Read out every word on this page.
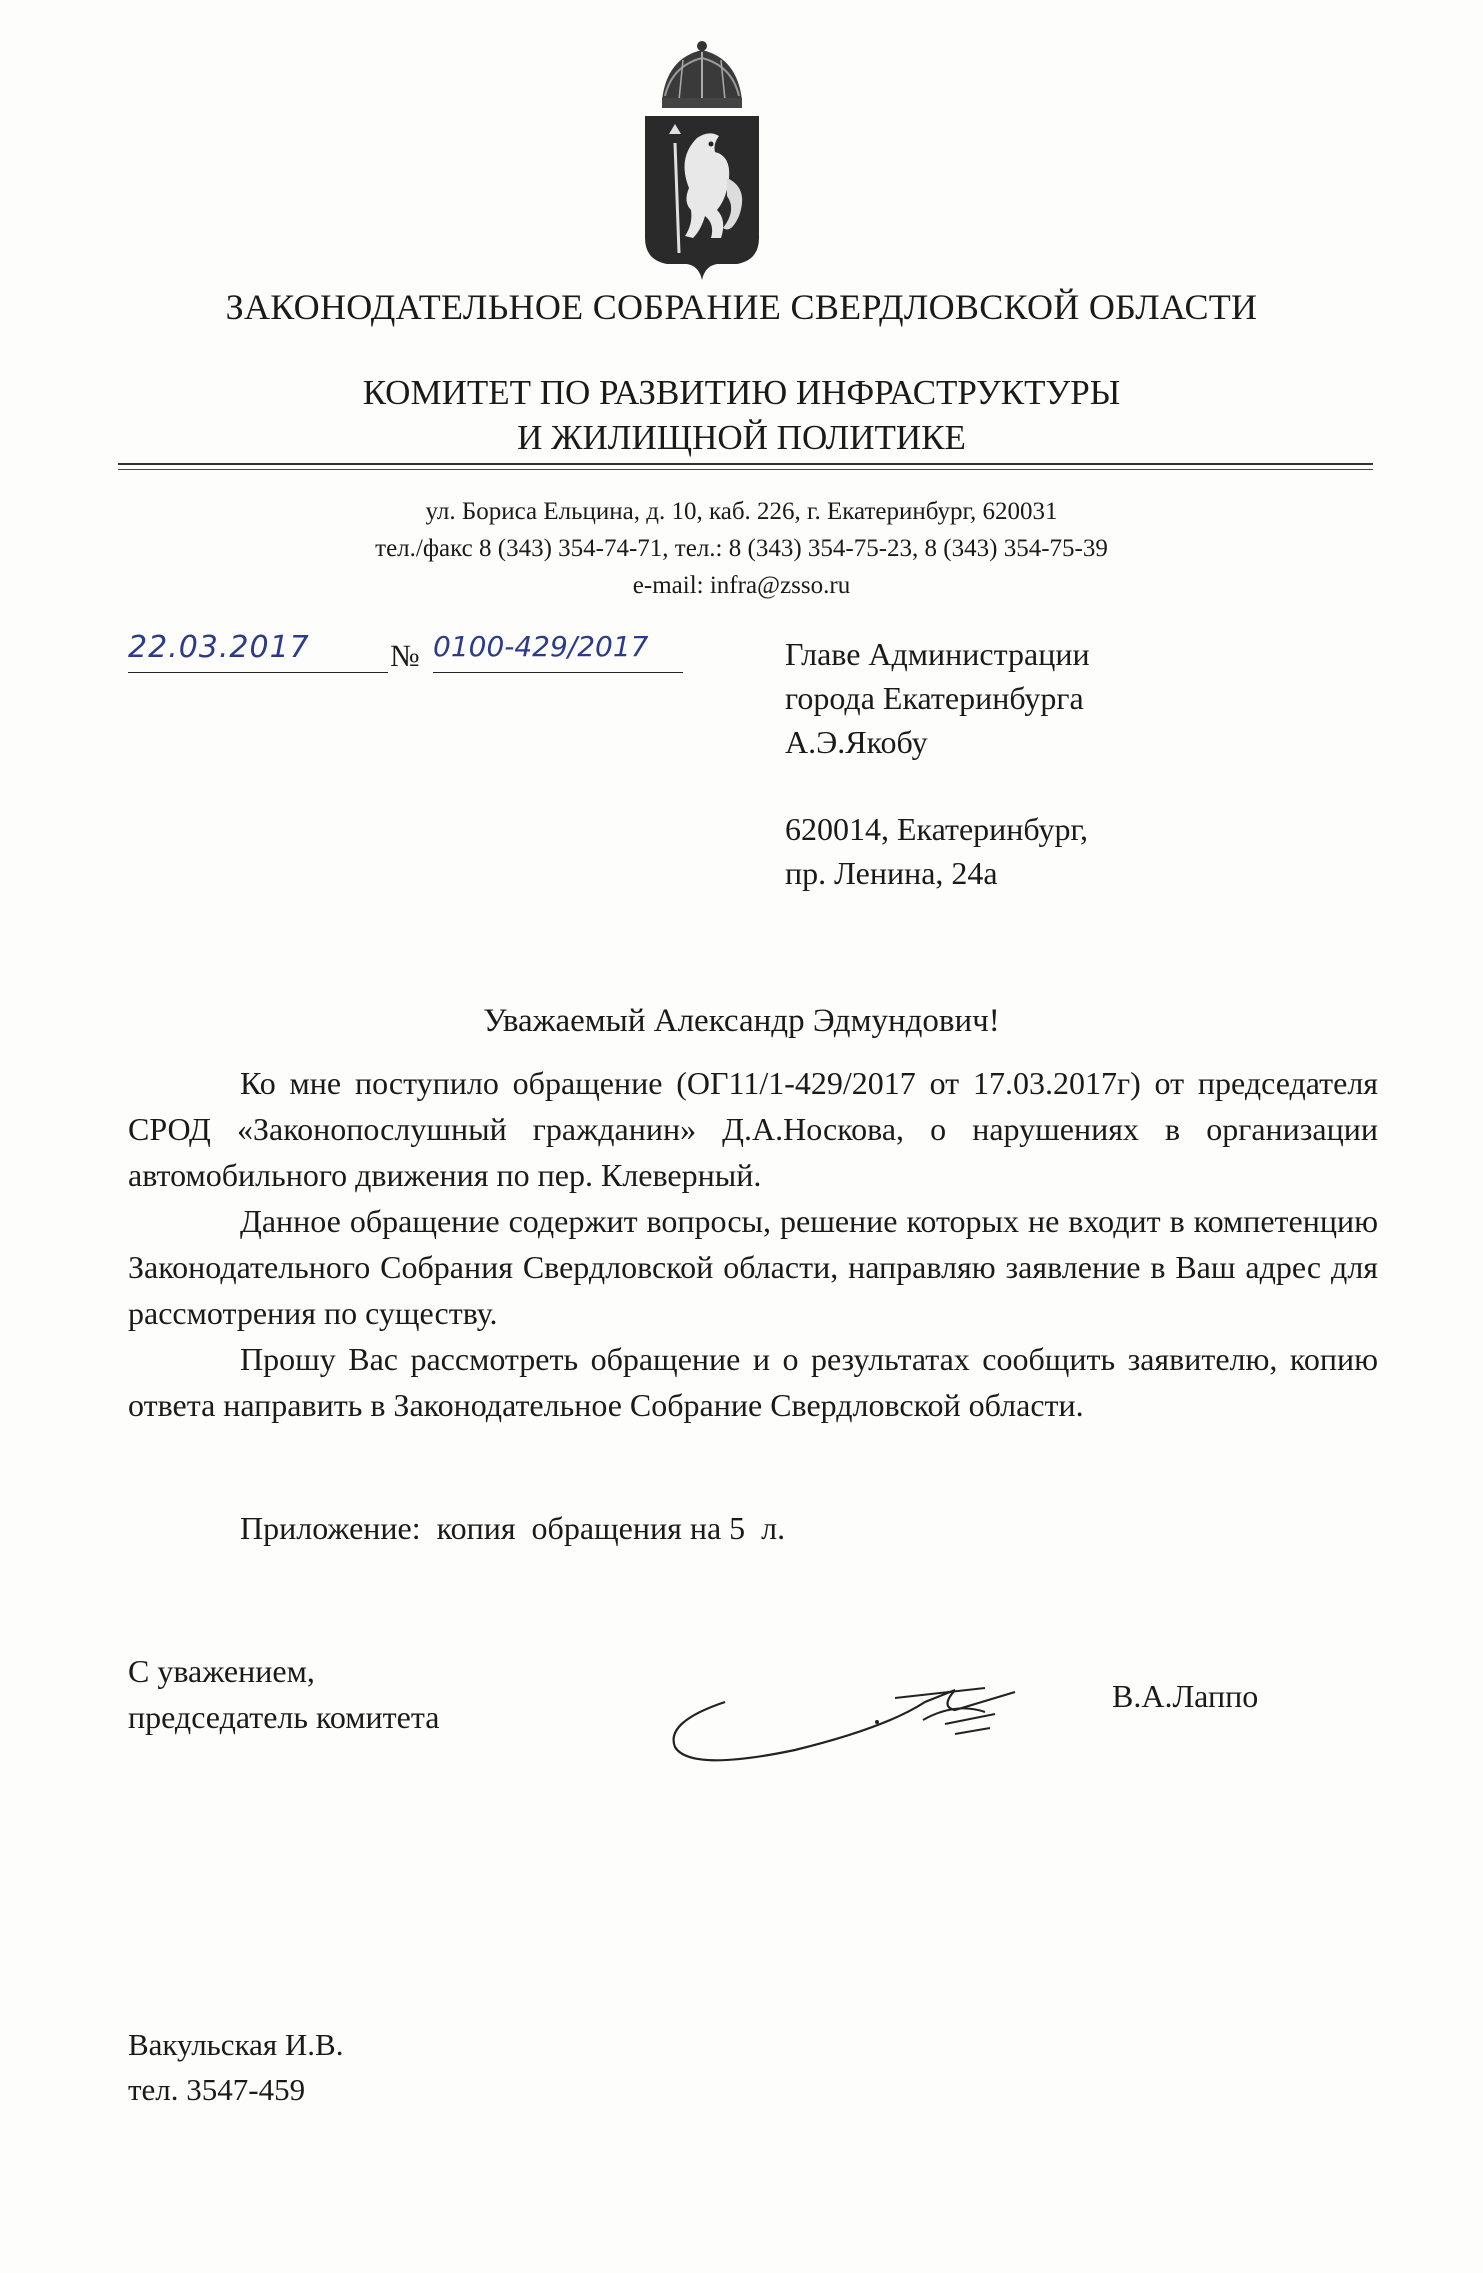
ЗАКОНОДАТЕЛЬНОЕ СОБРАНИЕ СВЕРДЛОВСКОЙ ОБЛАСТИ
КОМИТЕТ ПО РАЗВИТИЮ ИНФРАСТРУКТУРЫ
И ЖИЛИЩНОЙ ПОЛИТИКЕ
ул. Бориса Ельцина, д. 10, каб. 226, г. Екатеринбург, 620031
тел./факс 8 (343) 354-74-71, тел.: 8 (343) 354-75-23, 8 (343) 354-75-39
e-mail: infra@zsso.ru
22.03.2017	№ 0100-429/2017	Главе Администрации
города Екатеринбурга
А.Э.Якобу
620014, Екатеринбург,
пр. Ленина, 24а
Уважаемый Александр Эдмундович!

Ко мне поступило обращение (ОГ11/1-429/2017 от 17.03.2017г) от председателя СРОД «Законопослушный гражданин» Д.А.Носкова, о нарушениях в организации автомобильного движения по пер. Клеверный.

Данное обращение содержит вопросы, решение которых не входит в компетенцию Законодательного Собрания Свердловской области, направляю заявление в Ваш адрес для рассмотрения по существу.

Прошу Вас рассмотреть обращение и о результатах сообщить заявителю, копию ответа направить в Законодательное Собрание Свердловской области.

Приложение:  копия  обращения на 5  л.
С уважением,
председатель комитета
В.А.Лаппо
Вакульская И.В.
тел. 3547-459
